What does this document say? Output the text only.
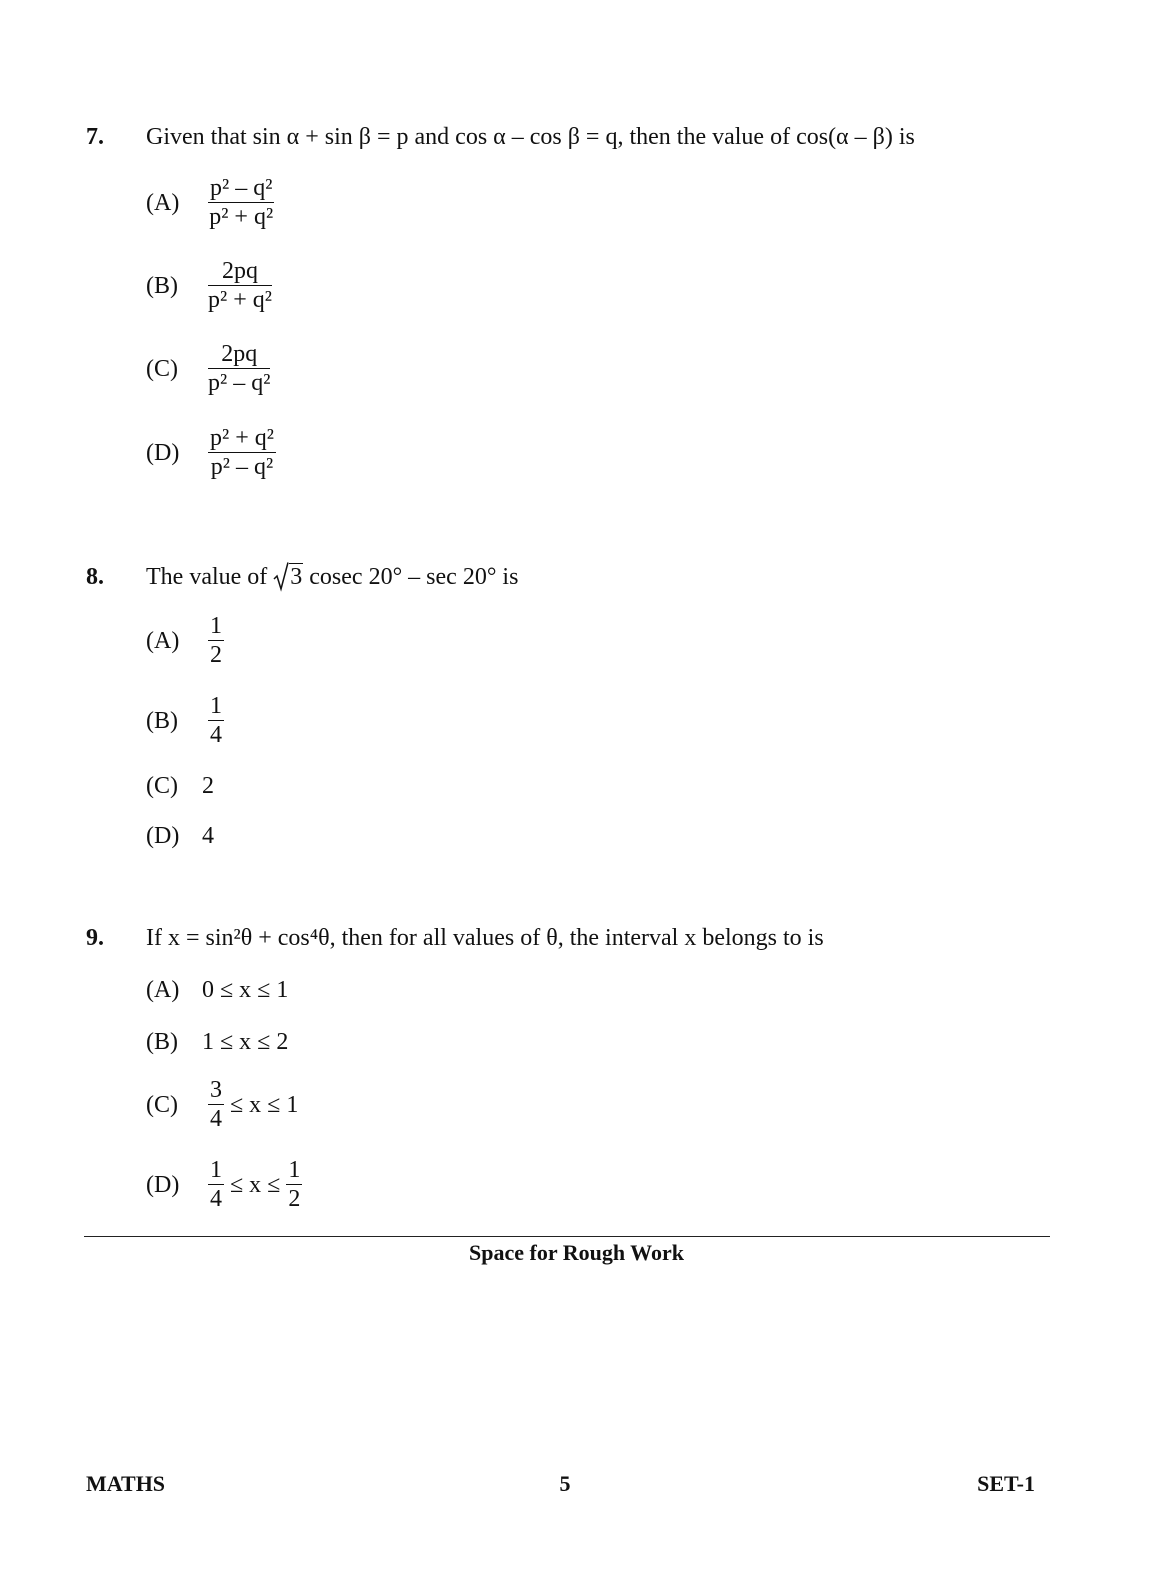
7. Given that sin α + sin β = p and cos α – cos β = q, then the value of cos(α – β) is
$(A) \frac{\text{p² – q²}}{\text{p² + q²}}$
$(B) \frac{2pq}{\text{p² + q²}}$
$(C) \frac{2pq}{\text{p² – q²}}$
$(D) \frac{\text{p² + q²}}{\text{p² – q²}}$
8. The value of 3 cosec 20° – sec 20° is
$(A) \frac{1}{2}$
$(B) \frac{1}{4}$
(C) 2
(D) 4
9. If x = sin²θ + cos⁴θ, then for all values of θ, the interval x belongs to is
(A) 0 ≤ x ≤ 1
(B) 1 ≤ x ≤ 2
$(C) \frac{3}{4} \le x \le 1$
$(D) \frac{1}{4} \le x \le \frac{1}{2}$
Space for Rough Work
MATHS	5	SET-1
